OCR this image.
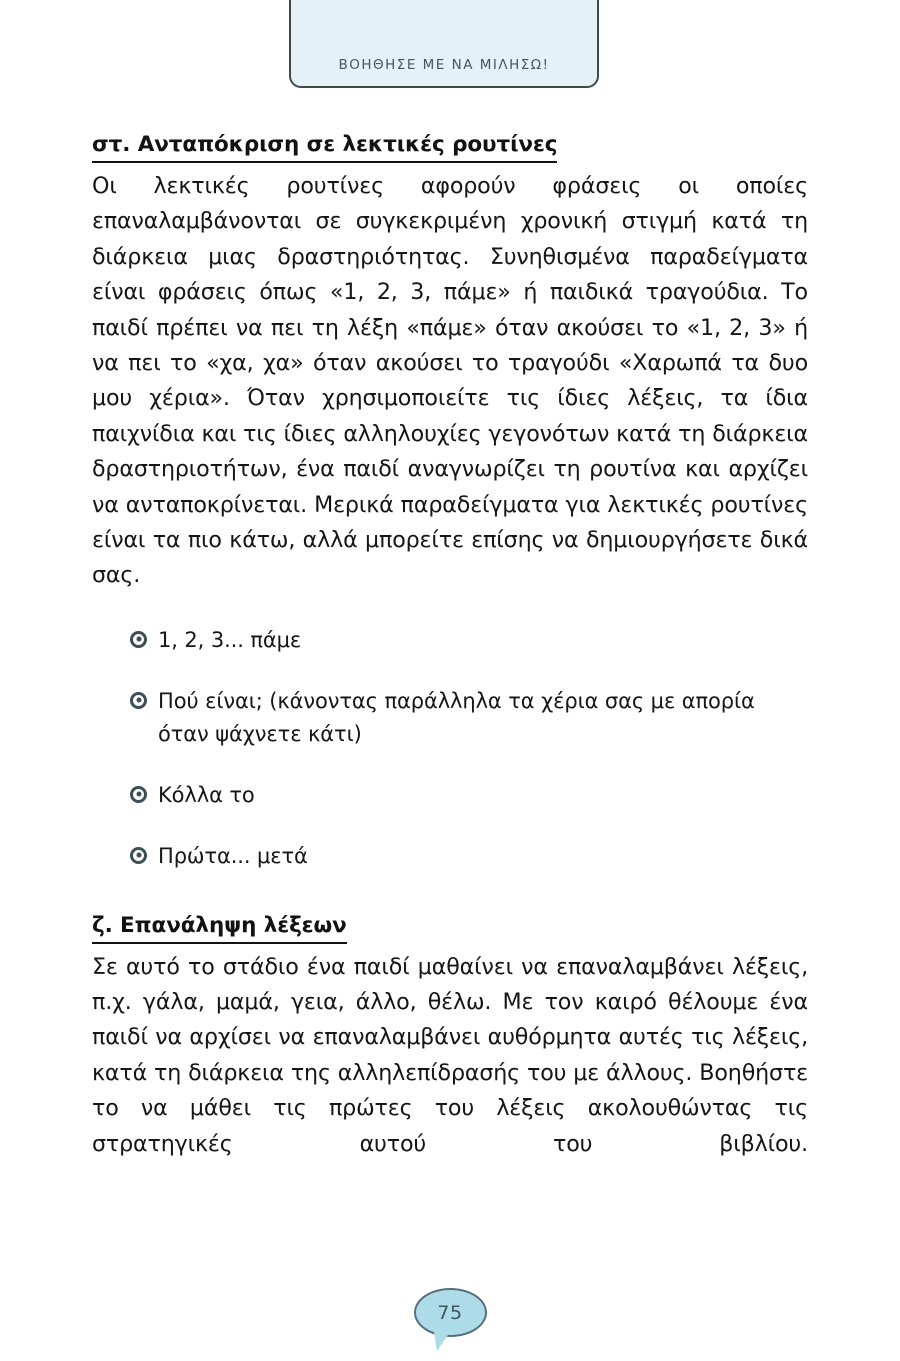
ΒΟΗΘΗΣΕ ΜΕ ΝΑ ΜΙΛΗΣΩ!
στ. Ανταπόκριση σε λεκτικές ρουτίνες

Οι λεκτικές ρουτίνες αφορούν φράσεις οι οποίες επαναλαμβάνονται σε συγκεκριμένη χρονική στιγμή κατά τη διάρκεια μιας δραστηριότητας. Συνηθισμένα παραδείγματα είναι φράσεις όπως «1, 2, 3, πάμε» ή παιδικά τραγούδια. Το παιδί πρέπει να πει τη λέξη «πάμε» όταν ακούσει το «1, 2, 3» ή να πει το «χα, χα» όταν ακούσει το τραγούδι «Χαρωπά τα δυο μου χέρια». Όταν χρησιμοποιείτε τις ίδιες λέξεις, τα ίδια παιχνίδια και τις ίδιες αλληλουχίες γεγονότων κατά τη διάρκεια δραστηριοτήτων, ένα παιδί αναγνωρίζει τη ρουτίνα και αρχίζει να ανταποκρίνεται. Μερικά παραδείγματα για λεκτικές ρουτίνες είναι τα πιο κάτω, αλλά μπορείτε επίσης να δημιουργήσετε δικά σας.

1, 2, 3... πάμε
Πού είναι; (κάνοντας παράλληλα τα χέρια σας με απορία όταν ψάχνετε κάτι)
Κόλλα το
Πρώτα... μετά
ζ. Επανάληψη λέξεων

Σε αυτό το στάδιο ένα παιδί μαθαίνει να επαναλαμβάνει λέξεις, π.χ. γάλα, μαμά, γεια, άλλο, θέλω. Με τον καιρό θέλουμε ένα παιδί να αρχίσει να επαναλαμβάνει αυθόρμητα αυτές τις λέξεις, κατά τη διάρκεια της αλληλεπίδρασής του με άλλους. Βοηθήστε το να μάθει τις πρώτες του λέξεις ακολουθώντας τις στρατηγικές αυτού του βιβλίου.

75
